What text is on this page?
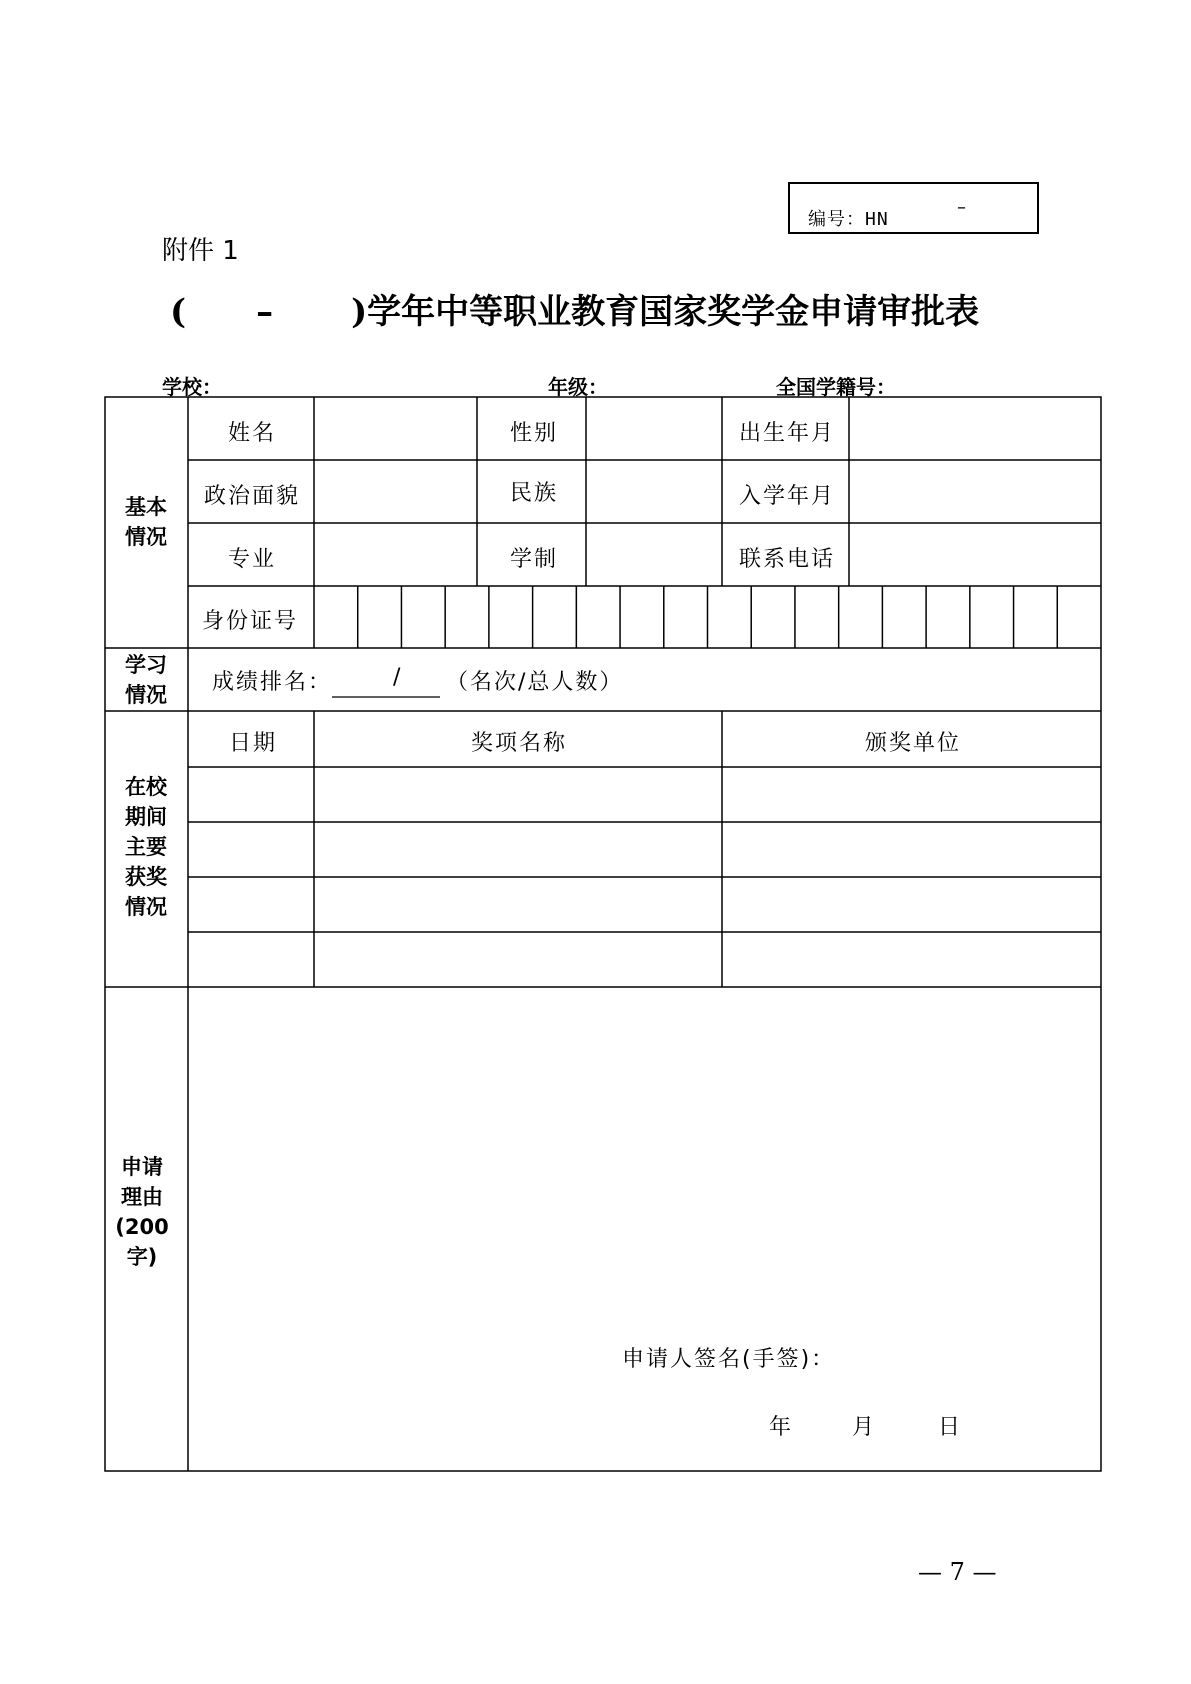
编号：HN
–
附件 1
( – )学年中等职业教育国家奖学金申请审批表
学校：	年级：	全国学籍号：
基本
情况
姓名	性别	出生年月
政治面貌	民族	入学年月
专业	学制	联系电话
身份证号
学习
情况	成绩排名：	/ （名次/总人数）
在校
期间
主要
获奖
情况
日期	奖项名称	颁奖单位
申请
理由
(200
字)
申请人签名(手签)：
年	月	日
— 7 —
